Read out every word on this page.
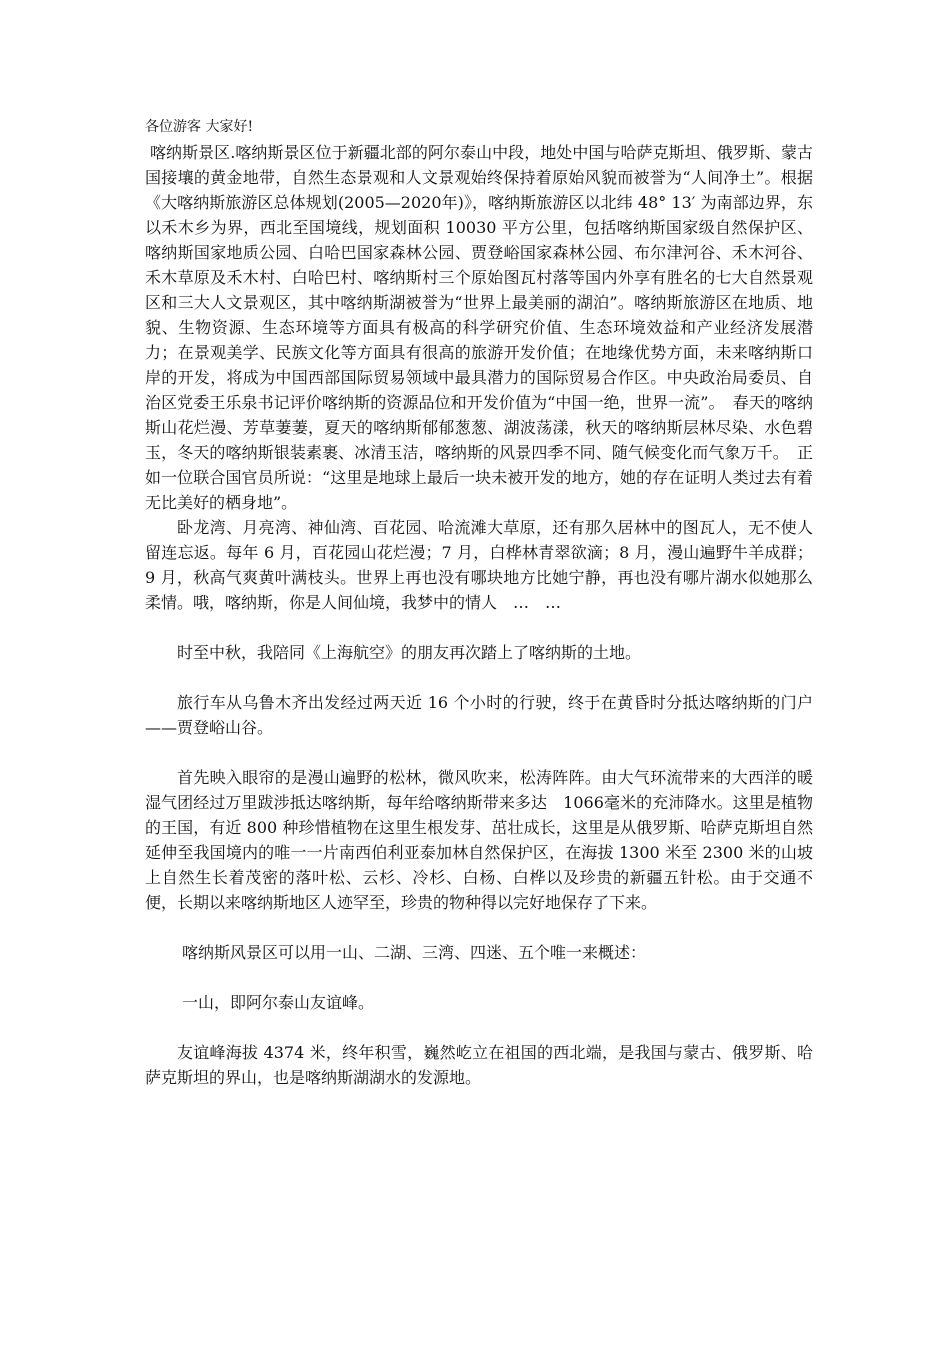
各位游客 大家好!

喀纳斯景区.喀纳斯景区位于新疆北部的阿尔泰山中段，地处中国与哈萨克斯坦、俄罗斯、蒙古国接壤的黄金地带，自然生态景观和人文景观始终保持着原始风貌而被誉为“人间净土”。根据《大喀纳斯旅游区总体规划(2005—2020年)》，喀纳斯旅游区以北纬 48° 13′ 为南部边界，东以禾木乡为界，西北至国境线，规划面积 10030 平方公里，包括喀纳斯国家级自然保护区、喀纳斯国家地质公园、白哈巴国家森林公园、贾登峪国家森林公园、布尔津河谷、禾木河谷、禾木草原及禾木村、白哈巴村、喀纳斯村三个原始图瓦村落等国内外享有胜名的七大自然景观区和三大人文景观区，其中喀纳斯湖被誉为“世界上最美丽的湖泊”。喀纳斯旅游区在地质、地貌、生物资源、生态环境等方面具有极高的科学研究价值、生态环境效益和产业经济发展潜力；在景观美学、民族文化等方面具有很高的旅游开发价值；在地缘优势方面，未来喀纳斯口岸的开发，将成为中国西部国际贸易领域中最具潜力的国际贸易合作区。中央政治局委员、自治区党委王乐泉书记评价喀纳斯的资源品位和开发价值为“中国一绝，世界一流”。　春天的喀纳斯山花烂漫、芳草萋萋，夏天的喀纳斯郁郁葱葱、湖波荡漾，秋天的喀纳斯层林尽染、水色碧玉，冬天的喀纳斯银装素裹、冰清玉洁，喀纳斯的风景四季不同、随气候变化而气象万千。　正如一位联合国官员所说：“这里是地球上最后一块未被开发的地方，她的存在证明人类过去有着无比美好的栖身地”。

卧龙湾、月亮湾、神仙湾、百花园、哈流滩大草原，还有那久居林中的图瓦人，无不使人留连忘返。每年 6 月，百花园山花烂漫；7 月，白桦林青翠欲滴；8 月，漫山遍野牛羊成群；9 月，秋高气爽黄叶满枝头。世界上再也没有哪块地方比她宁静，再也没有哪片湖水似她那么柔情。哦，喀纳斯，你是人间仙境，我梦中的情人　…　…

时至中秋，我陪同《上海航空》的朋友再次踏上了喀纳斯的土地。

旅行车从乌鲁木齐出发经过两天近 16 个小时的行驶，终于在黄昏时分抵达喀纳斯的门户——贾登峪山谷。

首先映入眼帘的是漫山遍野的松林，微风吹来，松涛阵阵。由大气环流带来的大西洋的暖湿气团经过万里跋涉抵达喀纳斯，每年给喀纳斯带来多达　1066毫米的充沛降水。这里是植物的王国，有近 800 种珍惜植物在这里生根发芽、茁壮成长，这里是从俄罗斯、哈萨克斯坦自然延伸至我国境内的唯一一片南西伯利亚泰加林自然保护区，在海拔 1300 米至 2300 米的山坡上自然生长着茂密的落叶松、云杉、冷杉、白杨、白桦以及珍贵的新疆五针松。由于交通不便，长期以来喀纳斯地区人迹罕至，珍贵的物种得以完好地保存了下来。

喀纳斯风景区可以用一山、二湖、三湾、四迷、五个唯一来概述：

一山，即阿尔泰山友谊峰。

友谊峰海拔 4374 米，终年积雪，巍然屹立在祖国的西北端，是我国与蒙古、俄罗斯、哈萨克斯坦的界山，也是喀纳斯湖湖水的发源地。
